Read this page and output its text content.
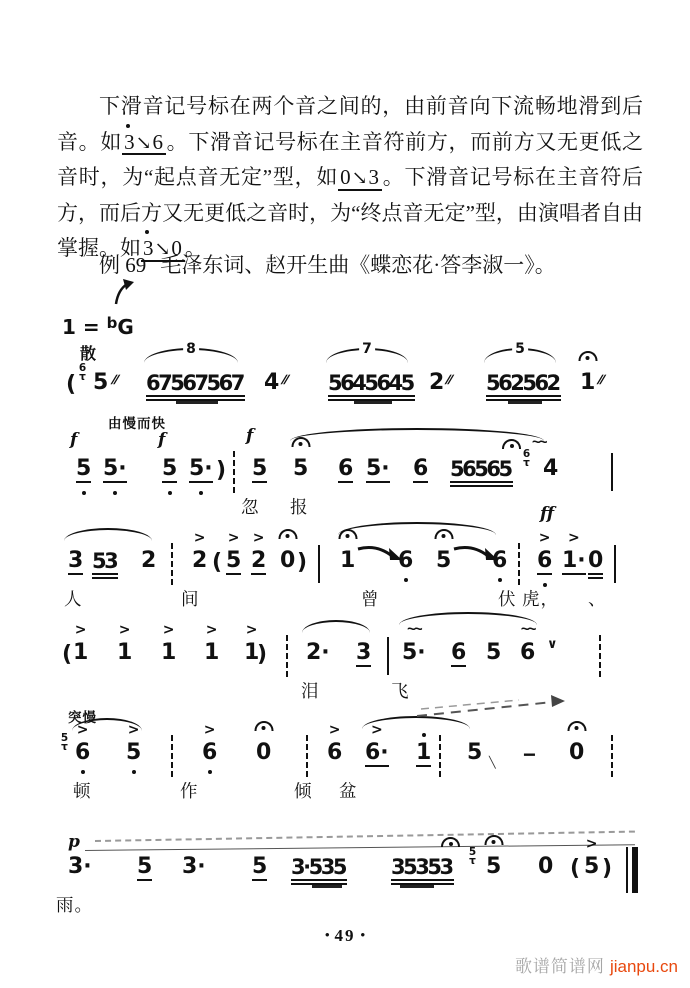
下滑音记号标在两个音之间的，由前音向下流畅地滑到后音。如
3↘6 。下滑音记号标在主音符前方，而前方又无更低之音时，为“起点音无定”型，如0↘3 。下滑音记号标在主音符后方，而后方又无更低之音时，为“终点音无定”型，由演唱者自由掌握。如
3↘0 。

例 69 毛泽东词、赵开生曲《蝶恋花·答李淑一》。
1 = $^b$G
散
(
6
τ 5 //
8
67567567 4 //
7
5645645 2 //
5
562562 1 //
f
5 5·
由慢而快
f
5 5· )
f
5 5 6 5· 6 56565
6
τ
~~
4
忽 报
3 53 2 2
>
( 5
>
2
>
0 ) 1 6 5 6
ff
6
>
1·
>
0
人	间	曾	伏 虎， 、
( 1
>
1
>
1
>
1
>
1
>
) 2· 3 5·
~~
6 5 6
~~
∨
泪	飞
突慢
5
τ 6
>
5
>
6
>
0	6
>
6·
>
1 5 ╲ − 0
顿	作	倾 盆
p
3· 5 3· 5 3·535 35353
5
τ 5 0 ( 5
>
)
雨。
• 49 •
歌谱简谱网 jianpu.cn
